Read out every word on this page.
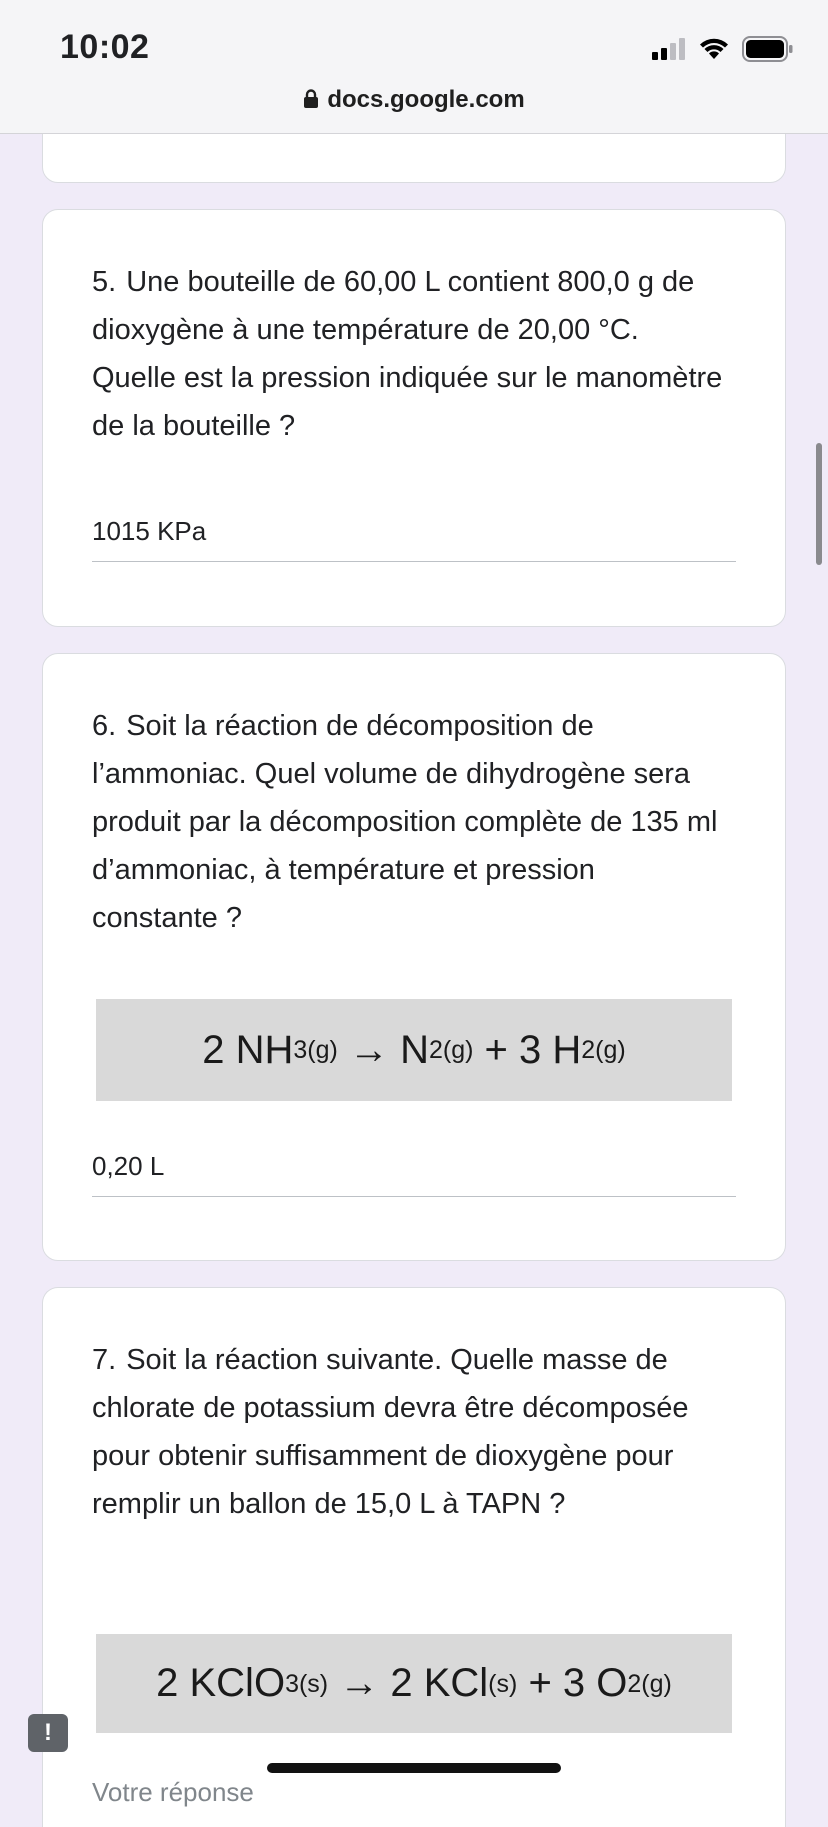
10:02
docs.google.com

5. Une bouteille de 60,00 L contient 800,0 g de dioxygène à une température de 20,00 °C. Quelle est la pression indiquée sur le manomètre de la bouteille ?

1015 KPa

6. Soit la réaction de décomposition de l’ammoniac. Quel volume de dihydrogène sera produit par la décomposition complète de 135 ml d’ammoniac, à température et pression constante ?

2 NH 3(g) → N 2(g) + 3 H 2(g)
0,20 L

7. Soit la réaction suivante. Quelle masse de chlorate de potassium devra être décomposée pour obtenir suffisamment de dioxygène pour remplir un ballon de 15,0 L à TAPN ?

2 KClO 3(s) → 2 KCl (s) + 3 O 2(g)
Votre réponse
!
